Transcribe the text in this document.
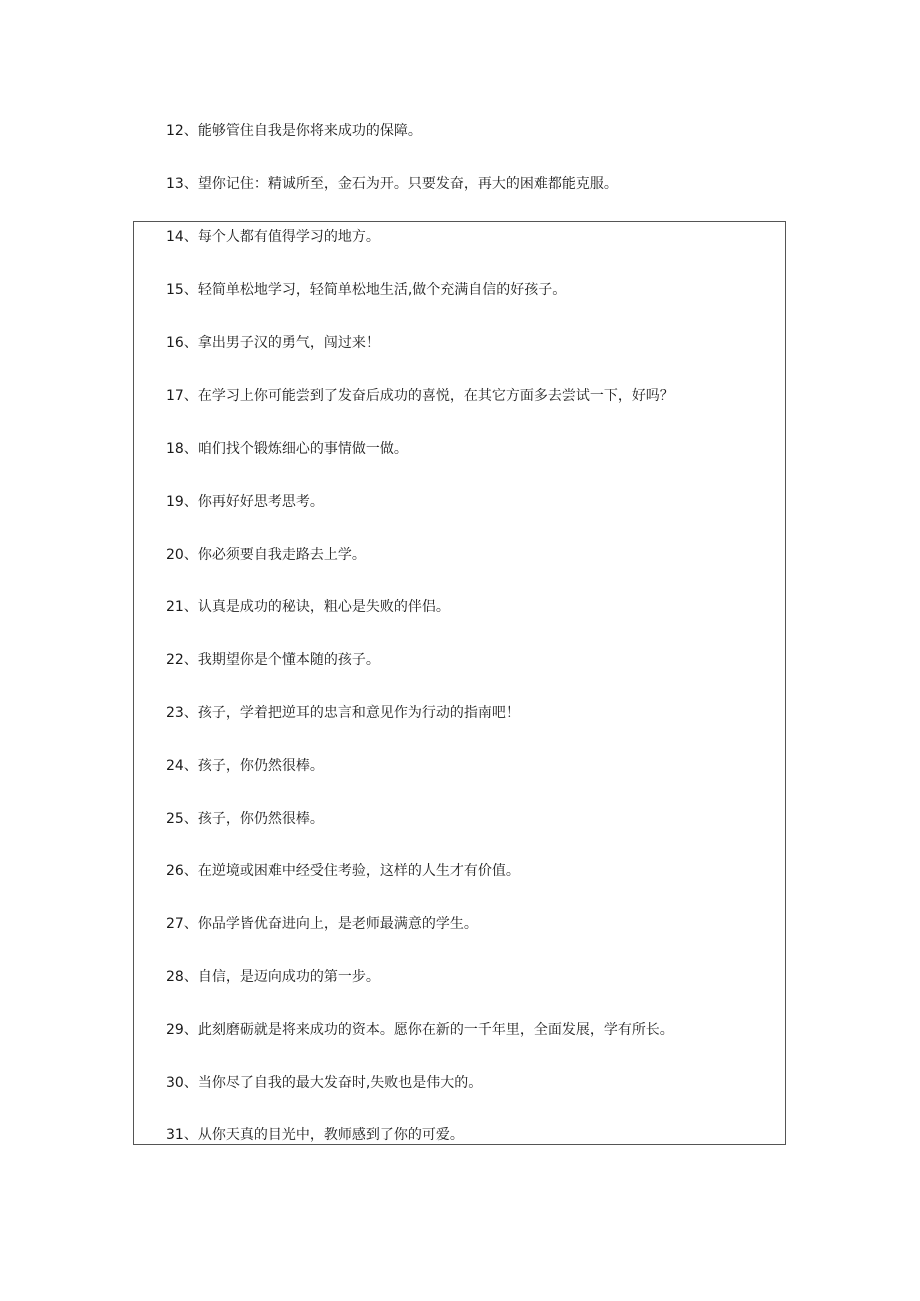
12、能够管住自我是你将来成功的保障。
13、望你记住：精诚所至，金石为开。只要发奋，再大的困难都能克服。
14、每个人都有值得学习的地方。
15、轻简单松地学习，轻简单松地生活,做个充满自信的好孩子。
16、拿出男子汉的勇气，闯过来！
17、在学习上你可能尝到了发奋后成功的喜悦，在其它方面多去尝试一下，好吗？
18、咱们找个锻炼细心的事情做一做。
19、你再好好思考思考。
20、你必须要自我走路去上学。
21、认真是成功的秘诀，粗心是失败的伴侣。
22、我期望你是个懂本随的孩子。
23、孩子，学着把逆耳的忠言和意见作为行动的指南吧！
24、孩子，你仍然很棒。
25、孩子，你仍然很棒。
26、在逆境或困难中经受住考验，这样的人生才有价值。
27、你品学皆优奋进向上，是老师最满意的学生。
28、自信，是迈向成功的第一步。
29、此刻磨砺就是将来成功的资本。愿你在新的一千年里，全面发展，学有所长。
30、当你尽了自我的最大发奋时,失败也是伟大的。
31、从你天真的目光中，教师感到了你的可爱。
